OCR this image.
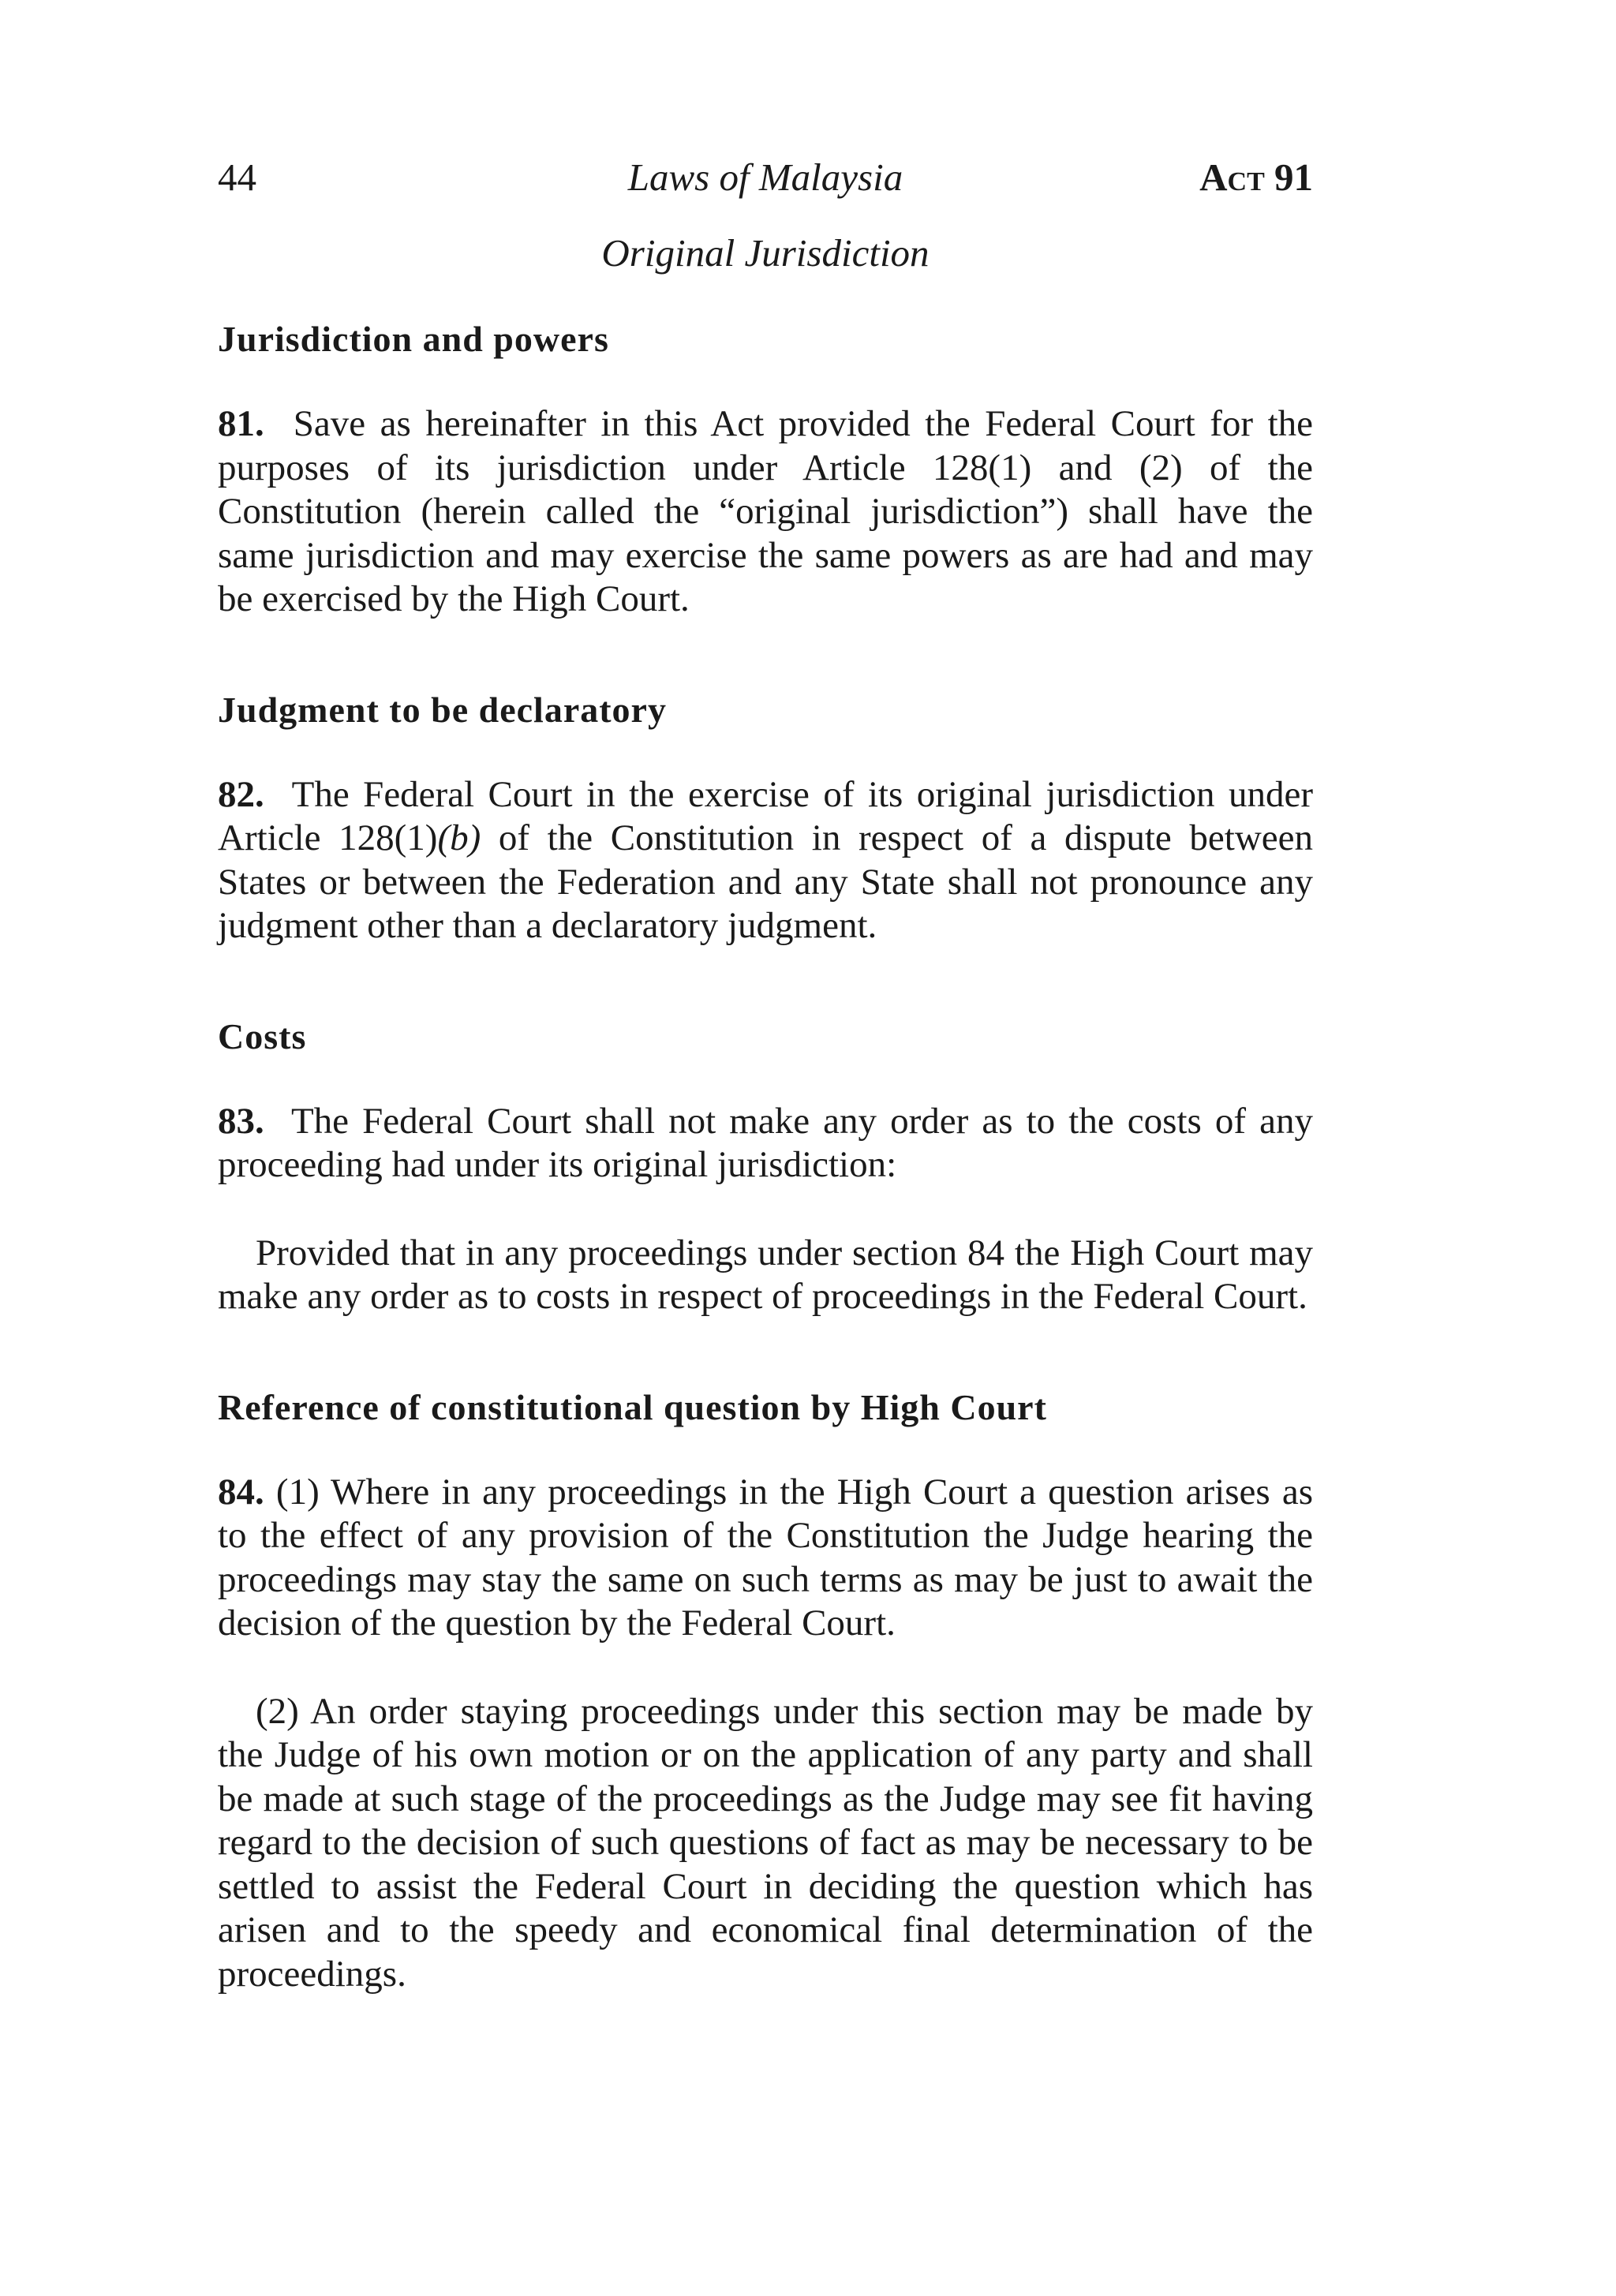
44	Laws of Malaysia	Act 91
Original Jurisdiction
Jurisdiction and powers

81. Save as hereinafter in this Act provided the Federal Court for the purposes of its jurisdiction under Article 128(1) and (2) of the Constitution (herein called the “original jurisdiction”) shall have the same jurisdiction and may exercise the same powers as are had and may be exercised by the High Court.

Judgment to be declaratory

82. The Federal Court in the exercise of its original jurisdiction under Article 128(1)(b) of the Constitution in respect of a dispute between States or between the Federation and any State shall not pronounce any judgment other than a declaratory judgment.

Costs

83. The Federal Court shall not make any order as to the costs of any proceeding had under its original jurisdiction:

Provided that in any proceedings under section 84 the High Court may make any order as to costs in respect of proceedings in the Federal Court.

Reference of constitutional question by High Court

84. (1) Where in any proceedings in the High Court a question arises as to the effect of any provision of the Constitution the Judge hearing the proceedings may stay the same on such terms as may be just to await the decision of the question by the Federal Court.

(2) An order staying proceedings under this section may be made by the Judge of his own motion or on the application of any party and shall be made at such stage of the proceedings as the Judge may see fit having regard to the decision of such questions of fact as may be necessary to be settled to assist the Federal Court in deciding the question which has arisen and to the speedy and economical final determination of the proceedings.
